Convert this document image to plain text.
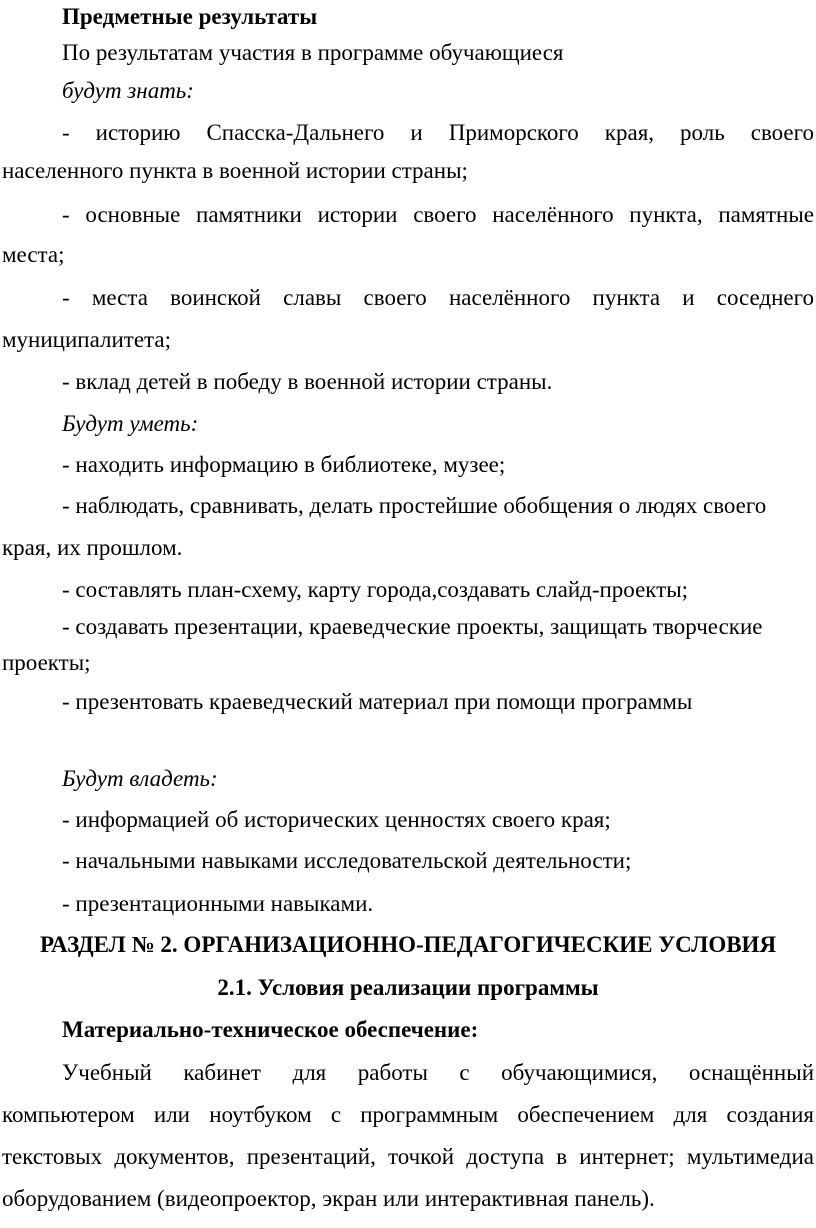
Предметные результаты
По результатам участия в программе обучающиеся
будут знать:
- историю Спасска-Дальнего и Приморского края, роль своего
населенного пункта в военной истории страны;
- основные памятники истории своего населённого пункта, памятные
места;
- места воинской славы своего населённого пункта и соседнего
муниципалитета;
- вклад детей в победу в военной истории страны.
Будут уметь:
- находить информацию в библиотеке, музее;
- наблюдать, сравнивать, делать простейшие обобщения о людях своего
края, их прошлом.
- составлять план-схему, карту города,создавать слайд-проекты;
- создавать презентации, краеведческие проекты, защищать творческие
проекты;
- презентовать краеведческий материал при помощи программы
Будут владеть:
- информацией об исторических ценностях своего края;
- начальными навыками исследовательской деятельности;
- презентационными навыками.
РАЗДЕЛ № 2. ОРГАНИЗАЦИОННО-ПЕДАГОГИЧЕСКИЕ УСЛОВИЯ
2.1. Условия реализации программы
Материально-техническое обеспечение:
Учебный кабинет для работы с обучающимися, оснащённый
компьютером или ноутбуком с программным обеспечением для создания
текстовых документов, презентаций, точкой доступа в интернет; мультимедиа
оборудованием (видеопроектор, экран или интерактивная панель).
